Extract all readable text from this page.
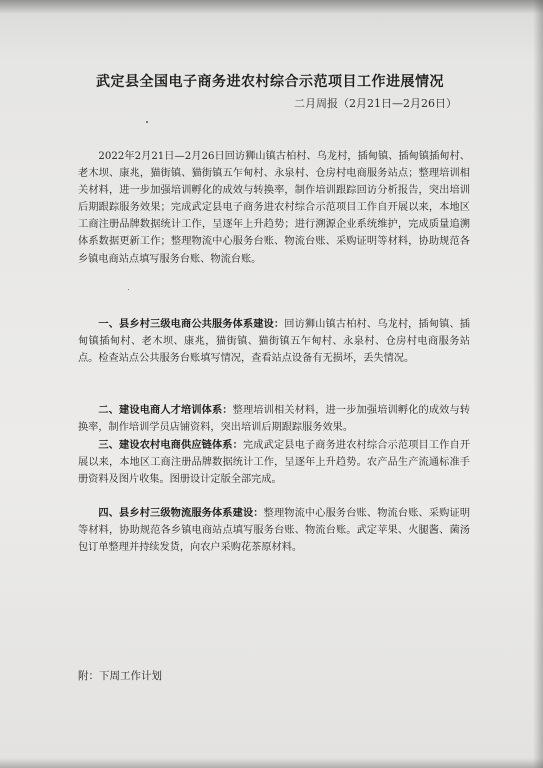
武定县全国电子商务进农村综合示范项目工作进展情况
二月周报（2月21日—2月26日）

2022年2月21日—2月26日回访狮山镇古柏村、乌龙村，插甸镇、插甸镇插甸村、老木坝、康兆，猫街镇、猫街镇五乍甸村、永泉村、仓房村电商服务站点；整理培训相关材料，进一步加强培训孵化的成效与转换率，制作培训跟踪回访分析报告，突出培训后期跟踪服务效果；完成武定县电子商务进农村综合示范项目工作自开展以来，本地区工商注册品牌数据统计工作，呈逐年上升趋势；进行溯源企业系统维护，完成质量追溯体系数据更新工作；整理物流中心服务台账、物流台账、采购证明等材料，协助规范各乡镇电商站点填写服务台账、物流台账。

一、县乡村三级电商公共服务体系建设：回访狮山镇古柏村、乌龙村，插甸镇、插甸镇插甸村、老木坝、康兆，猫街镇、猫街镇五乍甸村、永泉村、仓房村电商服务站点。检查站点公共服务台账填写情况，查看站点设备有无损坏，丢失情况。

二、建设电商人才培训体系：整理培训相关材料，进一步加强培训孵化的成效与转换率，制作培训学员店铺资料，突出培训后期跟踪服务效果。

三、建设农村电商供应链体系：完成武定县电子商务进农村综合示范项目工作自开展以来，本地区工商注册品牌数据统计工作，呈逐年上升趋势。农产品生产流通标准手册资料及图片收集。图册设计定版全部完成。

四、县乡村三级物流服务体系建设：整理物流中心服务台账、物流台账、采购证明等材料，协助规范各乡镇电商站点填写服务台账、物流台账。武定苹果、火腿酱、菌汤包订单整理并持续发货，向农户采购花茶原材料。

附：下周工作计划
